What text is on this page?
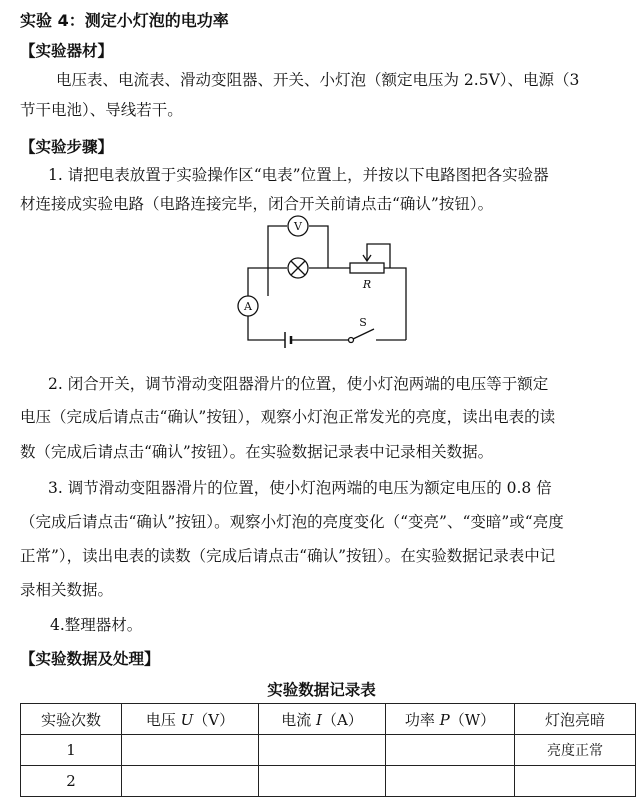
实验 4：测定小灯泡的电功率
【实验器材】
电压表、电流表、滑动变阻器、开关、小灯泡（额定电压为 2.5V）、电源（3
节干电池）、导线若干。
【实验步骤】
1. 请把电表放置于实验操作区“电表”位置上，并按以下电路图把各实验器
材连接成实验电路（电路连接完毕，闭合开关前请点击“确认”按钮）。
V
A
R
S
2. 闭合开关，调节滑动变阻器滑片的位置，使小灯泡两端的电压等于额定
电压（完成后请点击“确认”按钮），观察小灯泡正常发光的亮度，读出电表的读
数（完成后请点击“确认”按钮）。在实验数据记录表中记录相关数据。
3. 调节滑动变阻器滑片的位置，使小灯泡两端的电压为额定电压的 0.8 倍
（完成后请点击“确认”按钮）。观察小灯泡的亮度变化（“变亮”、“变暗”或“亮度
正常”），读出电表的读数（完成后请点击“确认”按钮）。在实验数据记录表中记
录相关数据。
4.整理器材。
【实验数据及处理】
实验数据记录表
实验次数	电压 U（V）	电流 I（A）	功率 P（W）	灯泡亮暗
1				亮度正常
2				
